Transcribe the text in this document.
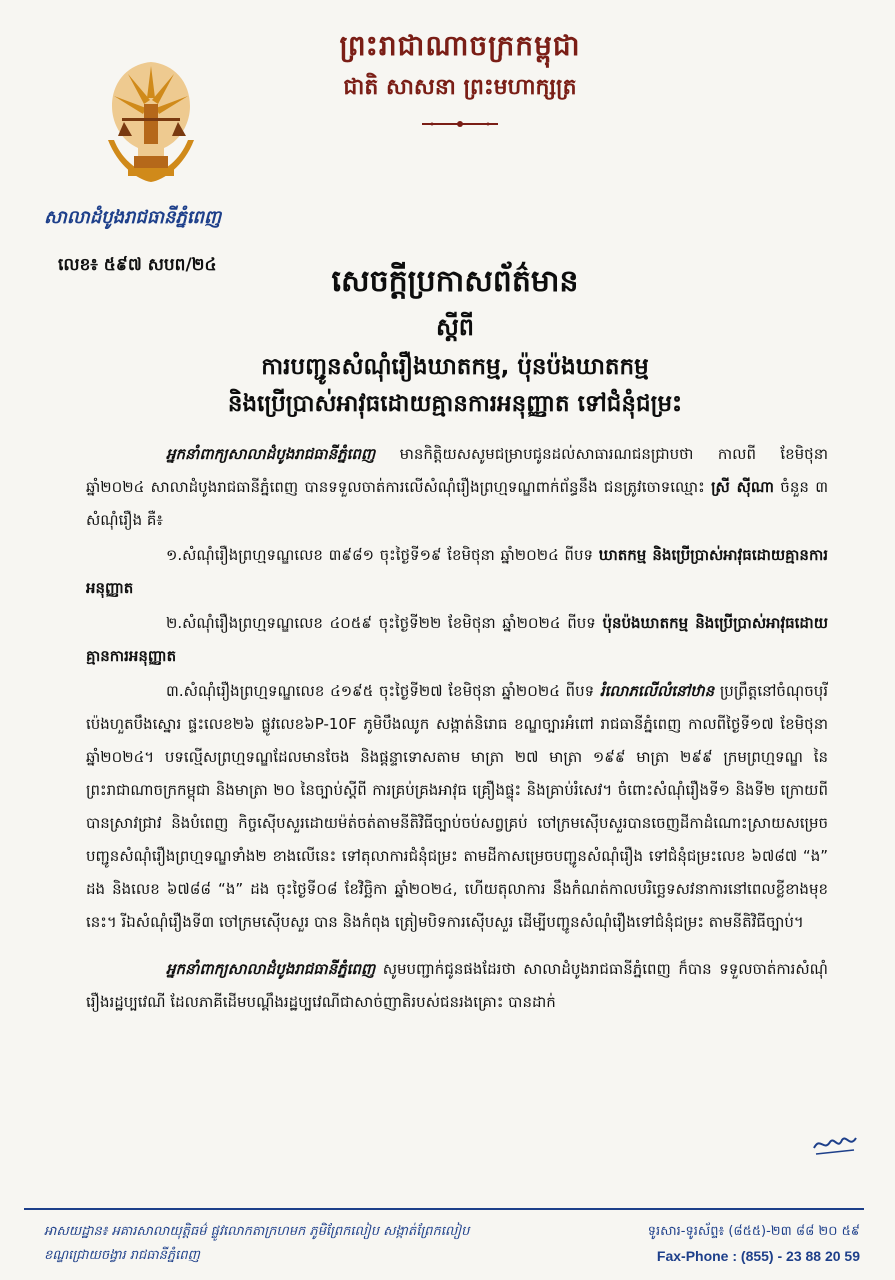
ព្រះរាជាណាចក្រកម្ពុជា
ជាតិ សាសនា ព្រះមហាក្សត្រ
សាលាដំបូងរាជធានីភ្នំពេញ
លេខ៖ ៥៩៧ សបព/២៤	សេចក្តីប្រកាសព័ត៌មាន
ស្តីពី
ការបញ្ជូនសំណុំរឿងឃាតកម្ម, ប៉ុនប៉ងឃាតកម្ម
និងប្រើប្រាស់អាវុធដោយគ្មានការអនុញ្ញាត ទៅជំនុំជម្រះ

អ្នកនាំពាក្យសាលាដំបូងរាជធានីភ្នំពេញ មានកិត្តិយសសូមជម្រាបជូនដល់សាធារណជនជ្រាបថា កាលពី ខែមិថុនា ឆ្នាំ២០២៤ សាលាដំបូងរាជធានីភ្នំពេញ បានទទួលចាត់ការលើសំណុំរឿងព្រហ្មទណ្ឌពាក់ព័ន្ធនឹង ជនត្រូវចោទឈ្មោះ ស្រី ស៊ីណា ចំនួន ៣ សំណុំរឿង គឺ៖

១.សំណុំរឿងព្រហ្មទណ្ឌលេខ ៣៩៨១ ចុះថ្ងៃទី១៩ ខែមិថុនា ឆ្នាំ២០២៤ ពីបទ ឃាតកម្ម និងប្រើប្រាស់អាវុធដោយគ្មានការអនុញ្ញាត

២.សំណុំរឿងព្រហ្មទណ្ឌលេខ ៤០៥៩ ចុះថ្ងៃទី២២ ខែមិថុនា ឆ្នាំ២០២៤ ពីបទ ប៉ុនប៉ងឃាតកម្ម និងប្រើប្រាស់អាវុធដោយគ្មានការអនុញ្ញាត

៣.សំណុំរឿងព្រហ្មទណ្ឌលេខ ៤១៩៥ ចុះថ្ងៃទី២៧ ខែមិថុនា ឆ្នាំ២០២៤ ពីបទ រំលោភលើលំនៅឋាន ប្រព្រឹត្តនៅចំណុចបុរីប៉េងហួតបឹងស្នោរ ផ្ទះលេខ២៦ ផ្លូវលេខ៦P-10F ភូមិបឹងឈូក សង្កាត់និរោធ ខណ្ឌច្បារអំពៅ រាជធានីភ្នំពេញ កាលពីថ្ងៃទី១៧ ខែមិថុនា ឆ្នាំ២០២៤។ បទល្មើសព្រហ្មទណ្ឌដែលមានចែង និងផ្តន្ទាទោសតាម មាត្រា ២៧ មាត្រា ១៩៩ មាត្រា ២៩៩ ក្រមព្រហ្មទណ្ឌ នៃព្រះរាជាណាចក្រកម្ពុជា និងមាត្រា ២០ នៃច្បាប់ស្តីពី ការគ្រប់គ្រងអាវុធ គ្រឿងផ្ទុះ និងគ្រាប់រំសេវ។ ចំពោះសំណុំរឿងទី១ និងទី២ ក្រោយពីបានស្រាវជ្រាវ និងបំពេញ កិច្ចស៊ើបសួរដោយម៉ត់ចត់តាមនីតិវិធីច្បាប់ចប់សព្វគ្រប់ ចៅក្រមស៊ើបសួរបានចេញដីកាដំណោះស្រាយសម្រេច បញ្ជូនសំណុំរឿងព្រហ្មទណ្ឌទាំង២ ខាងលើនេះ ទៅតុលាការជំនុំជម្រះ តាមដីកាសម្រេចបញ្ជូនសំណុំរឿង ទៅជំនុំជម្រះលេខ ៦៧៨៧ “ង” ដង និងលេខ ៦៧៨៨ “ង” ដង ចុះថ្ងៃទី០៨ ខែវិច្ឆិកា ឆ្នាំ២០២៤, ហើយតុលាការ នឹងកំណត់កាលបរិច្ឆេទសវនាការនៅពេលខ្លីខាងមុខនេះ។ រីឯសំណុំរឿងទី៣ ចៅក្រមស៊ើបសួរ បាន និងកំពុង ត្រៀមបិទការស៊ើបសួរ ដើម្បីបញ្ជូនសំណុំរឿងទៅជំនុំជម្រះ តាមនីតិវិធីច្បាប់។

អ្នកនាំពាក្យសាលាដំបូងរាជធានីភ្នំពេញ សូមបញ្ជាក់ជូនផងដែរថា សាលាដំបូងរាជធានីភ្នំពេញ ក៏បាន ទទួលចាត់ការសំណុំរឿងរដ្ឋប្បវេណី ដែលភាគីដើមបណ្តឹងរដ្ឋប្បវេណីជាសាច់ញាតិរបស់ជនរងគ្រោះ បានដាក់

អាសយដ្ឋាន៖ អគារសាលាយុត្តិធម៌ ផ្លូវលោកតាក្រហមក ភូមិព្រែកលៀប សង្កាត់ព្រែកលៀប
ខណ្ឌជ្រោយចង្វារ រាជធានីភ្នំពេញ
ទូរសារ-ទូរស័ព្ទ៖ (៨៥៥)-២៣ ៨៨ ២០ ៥៩
Fax-Phone : (855) - 23 88 20 59
